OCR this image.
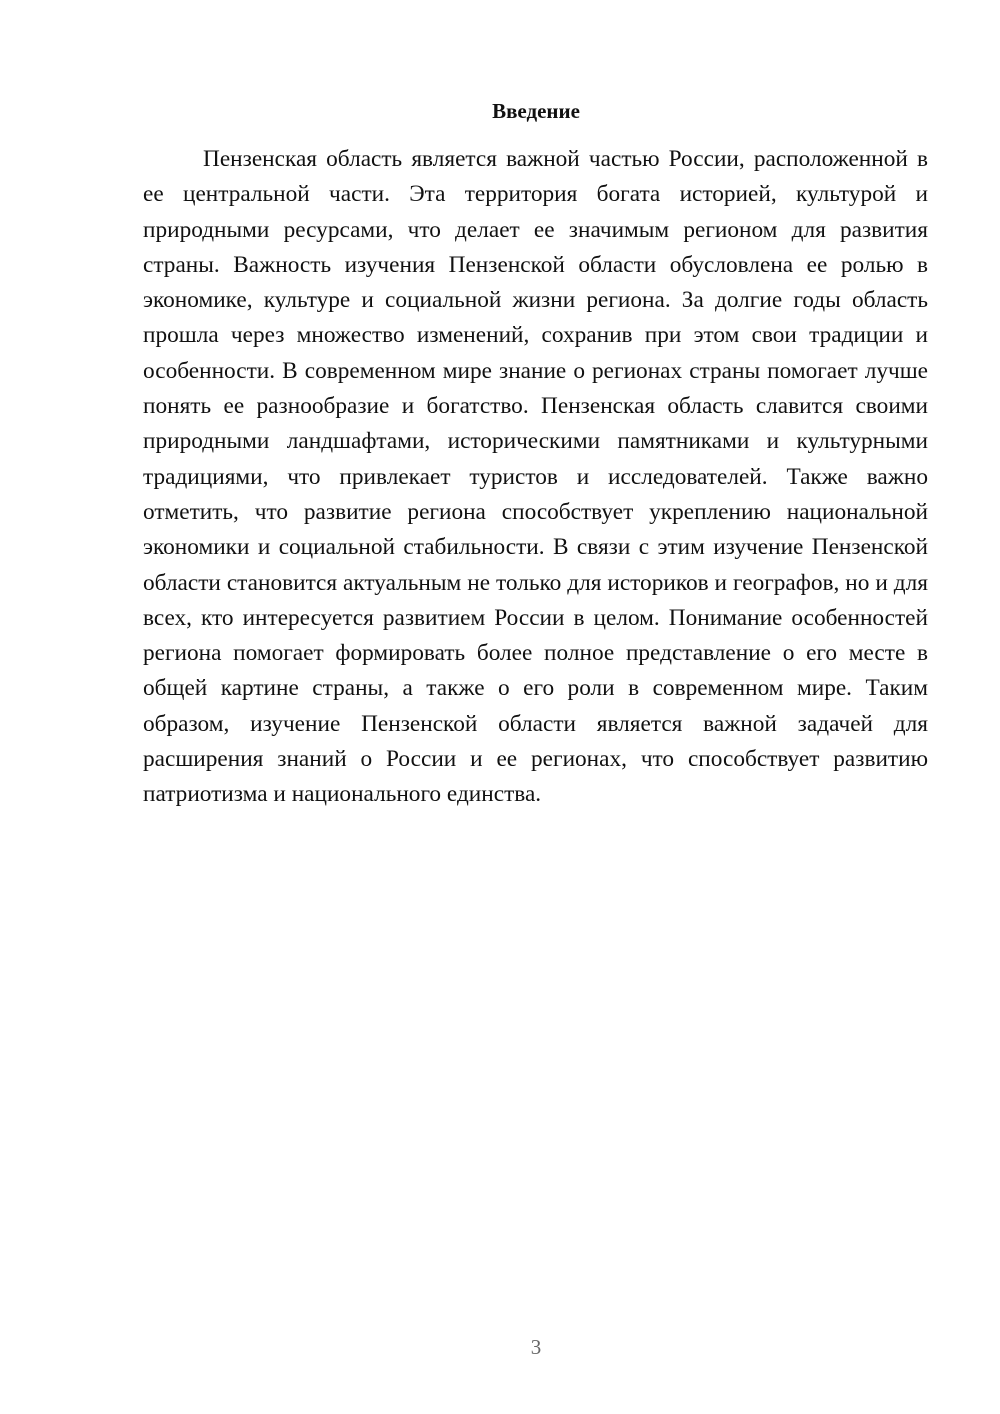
Введение

Пензенская область является важной частью России, расположенной в ее центральной части. Эта территория богата историей, культурой и природными ресурсами, что делает ее значимым регионом для развития страны. Важность изучения Пензенской области обусловлена ее ролью в экономике, культуре и социальной жизни региона. За долгие годы область прошла через множество изменений, сохранив при этом свои традиции и особенности. В современном мире знание о регионах страны помогает лучше понять ее разнообразие и богатство. Пензенская область славится своими природными ландшафтами, историческими памятниками и культурными традициями, что привлекает туристов и исследователей. Также важно отметить, что развитие региона способствует укреплению национальной экономики и социальной стабильности. В связи с этим изучение Пензенской области становится актуальным не только для историков и географов, но и для всех, кто интересуется развитием России в целом. Понимание особенностей региона помогает формировать более полное представление о его месте в общей картине страны, а также о его роли в современном мире. Таким образом, изучение Пензенской области является важной задачей для расширения знаний о России и ее регионах, что способствует развитию патриотизма и национального единства.

3
